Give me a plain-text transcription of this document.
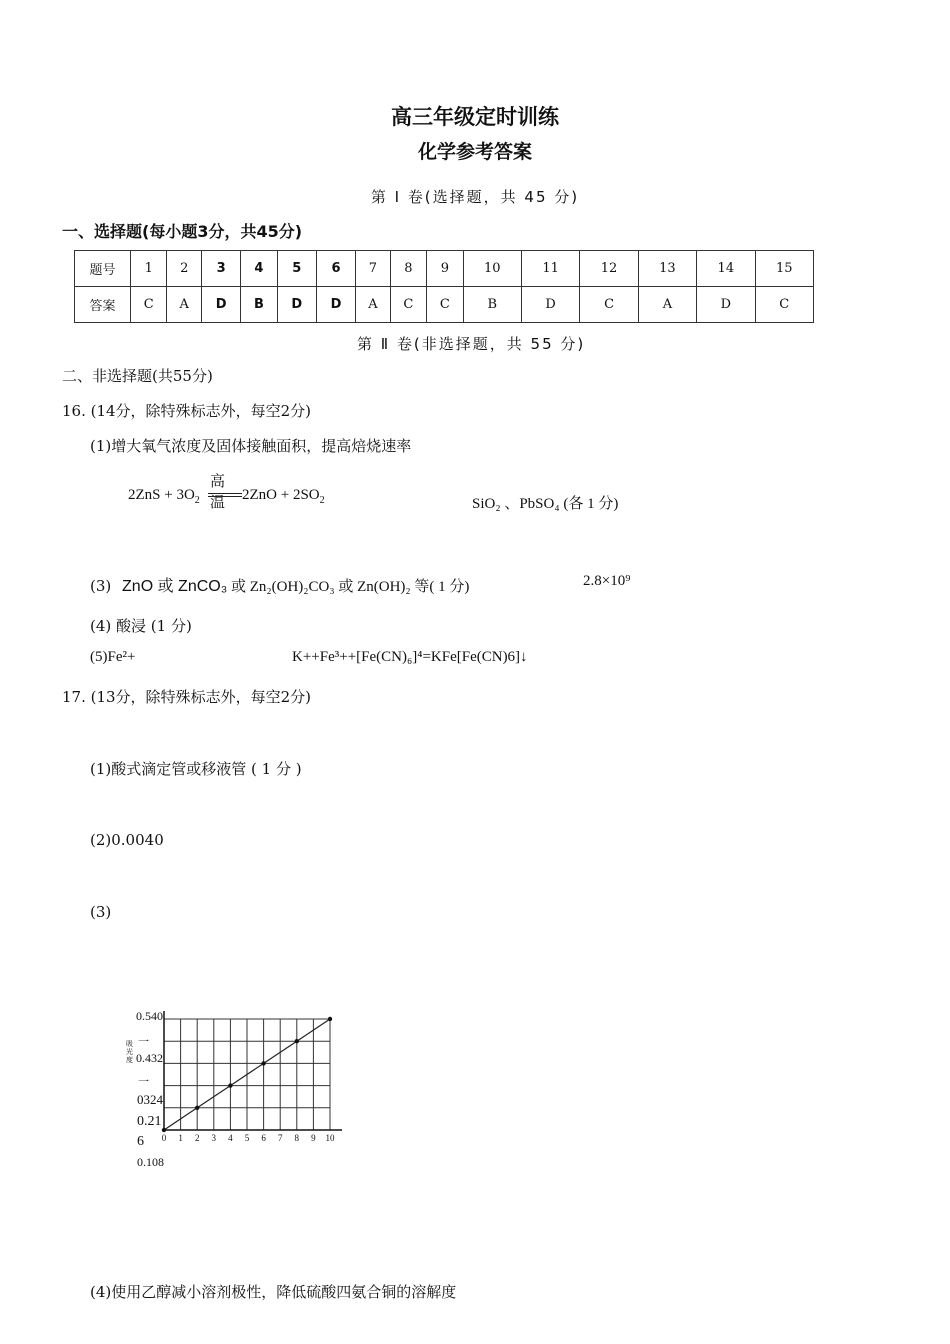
高三年级定时训练
化学参考答案
第 Ⅰ 卷(选择题，共 45 分)
一、选择题(每小题3分，共45分)
题号	1	2	3	4	5	6	7	8	9	10	11	12	13	14	15
答案	C	A	D	B	D	D	A	C	C	B	D	C	A	D	C
第 Ⅱ 卷(非选择题，共 55 分)
二、非选择题(共55分)
16. (14分，除特殊标志外，每空2分)
(1)增大氧气浓度及固体接触面积，提高焙烧速率
高温
$2ZnS + 3O_2$	$2ZnO + 2SO_2$	SiO₂ 、PbSO₄ (各 1 分)
(3) ZnO 或 ZnCO₃ 或 Zn₂(OH)₂CO₃ 或 Zn(OH)₂ 等( 1 分)	2.8×10⁹
(4) 酸浸 (1 分)
(5)Fe²+	K++Fe³++[Fe(CN)₆]⁴=KFe[Fe(CN)6]↓
17. (13分，除特殊标志外，每空2分)
(1)酸式滴定管或移液管 ( 1 分 )
(2)0.0040
(3)
0 1 2 3 4 5 6 7 8 9 10
吸光度
0.540
0.432
0324
0.21
6
0.108
一
一
(4)使用乙醇减小溶剂极性，降低硫酸四氨合铜的溶解度
